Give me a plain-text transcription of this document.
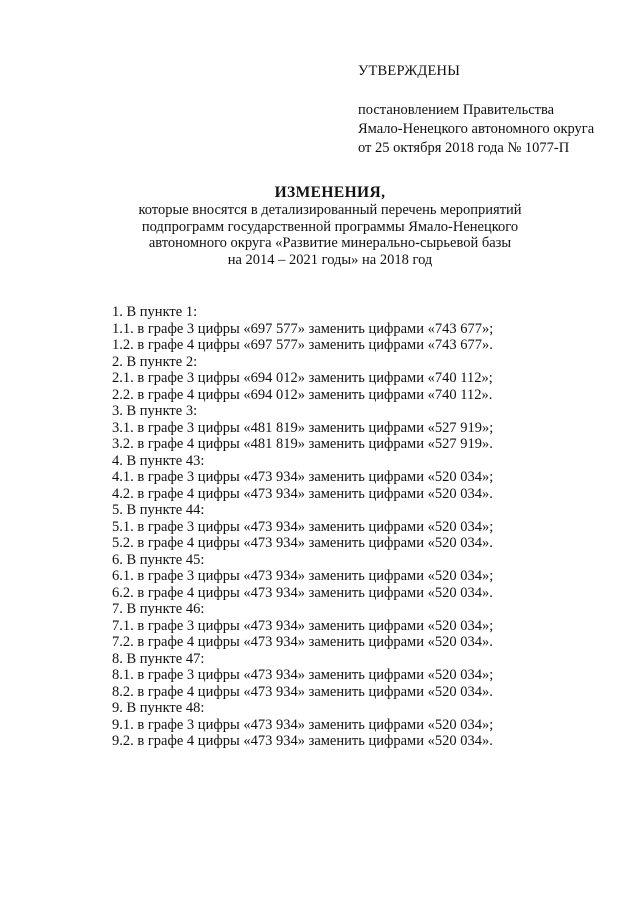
УТВЕРЖДЕНЫ
постановлением Правительства
Ямало-Ненецкого автономного округа
от 25 октября 2018 года № 1077-П
ИЗМЕНЕНИЯ,
которые вносятся в детализированный перечень мероприятий
подпрограмм государственной программы Ямало-Ненецкого
автономного округа «Развитие минерально-сырьевой базы
на 2014 – 2021 годы» на 2018 год
1. В пункте 1:
1.1. в графе 3 цифры «697 577» заменить цифрами «743 677»;
1.2. в графе 4 цифры «697 577» заменить цифрами «743 677».
2. В пункте 2:
2.1. в графе 3 цифры «694 012» заменить цифрами «740 112»;
2.2. в графе 4 цифры «694 012» заменить цифрами «740 112».
3. В пункте 3:
3.1. в графе 3 цифры «481 819» заменить цифрами «527 919»;
3.2. в графе 4 цифры «481 819» заменить цифрами «527 919».
4. В пункте 43:
4.1. в графе 3 цифры «473 934» заменить цифрами «520 034»;
4.2. в графе 4 цифры «473 934» заменить цифрами «520 034».
5. В пункте 44:
5.1. в графе 3 цифры «473 934» заменить цифрами «520 034»;
5.2. в графе 4 цифры «473 934» заменить цифрами «520 034».
6. В пункте 45:
6.1. в графе 3 цифры «473 934» заменить цифрами «520 034»;
6.2. в графе 4 цифры «473 934» заменить цифрами «520 034».
7. В пункте 46:
7.1. в графе 3 цифры «473 934» заменить цифрами «520 034»;
7.2. в графе 4 цифры «473 934» заменить цифрами «520 034».
8. В пункте 47:
8.1. в графе 3 цифры «473 934» заменить цифрами «520 034»;
8.2. в графе 4 цифры «473 934» заменить цифрами «520 034».
9. В пункте 48:
9.1. в графе 3 цифры «473 934» заменить цифрами «520 034»;
9.2. в графе 4 цифры «473 934» заменить цифрами «520 034».
